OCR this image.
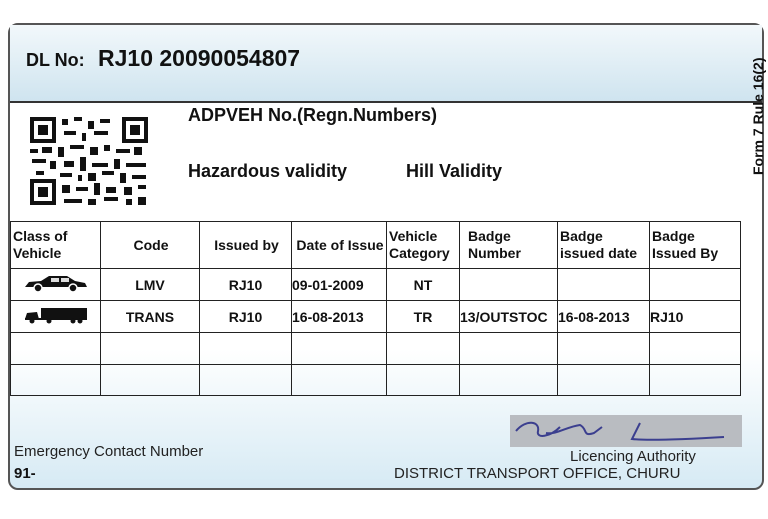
DL No: RJ10 20090054807
ADPVEH No.(Regn.Numbers)
Hazardous validity	Hill Validity	Form 7 Rule 16(2)
Class of Vehicle	Code	Issued by	Date of Issue	Vehicle Category	Badge Number	Badge issued date	Badge Issued By
	LMV	RJ10	09-01-2009	NT			
	TRANS	RJ10	16-08-2013	TR	13/OUTSTOC	16-08-2013	RJ10

Emergency Contact Number
91-
Licencing Authority
DISTRICT TRANSPORT OFFICE, CHURU
